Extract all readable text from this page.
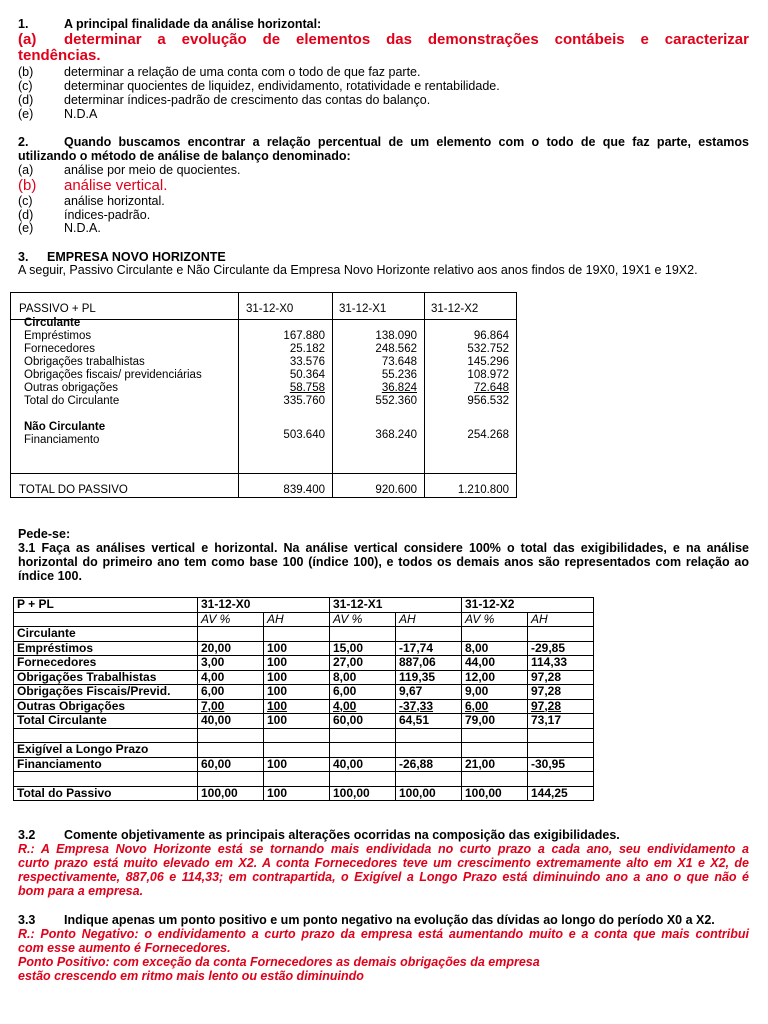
1.	A principal finalidade da análise horizontal:
(a) determinar a evolução de elementos das demonstrações contábeis e caracterizar
tendências.
(b) determinar a relação de uma conta com o todo de que faz parte.
(c)	determinar quocientes de liquidez, endividamento, rotatividade e rentabilidade.
(d) determinar índices-padrão de crescimento das contas do balanço.
(e) N.D.A
2.	Quando buscamos encontrar a relação percentual de um elemento com o todo de que faz parte, estamos
utilizando o método de análise de balanço denominado:
(a) análise por meio de quocientes.
(b) análise vertical.
(c)	análise horizontal.
(d) índices-padrão.
(e) N.D.A.
3. EMPRESA NOVO HORIZONTE
A seguir, Passivo Circulante e Não Circulante da Empresa Novo Horizonte relativo aos anos findos de 19X0, 19X1 e 19X2.
PASSIVO + PL	31-12-X0	31-12-X1	31-12-X2
Circulante
Empréstimos	167.880	138.090	96.864
Fornecedores	25.182	248.562	532.752
Obrigações trabalhistas	33.576	73.648	145.296
Obrigações fiscais/ previdenciárias	50.364	55.236	108.972
Outras obrigações	58.758	36.824	72.648
Total do Circulante	335.760	552.360	956.532
Não Circulante
Financiamento	503.640	368.240	254.268
TOTAL DO PASSIVO	839.400	920.600	1.210.800
Pede-se:
3.1 Faça as análises vertical e horizontal. Na análise vertical considere 100% o total das exigibilidades, e na análise
horizontal do primeiro ano tem como base 100 (índice 100), e todos os demais anos são representados com relação ao
índice 100.
P + PL	31-12-X0		31-12-X1		31-12-X2	
	AV %	AH	AV %	AH	AV %	AH
Circulante						
Empréstimos	20,00	100	15,00	-17,74	8,00	-29,85
Fornecedores	3,00	100	27,00	887,06	44,00	114,33
Obrigações Trabalhistas	4,00	100	8,00	119,35	12,00	97,28
Obrigações Fiscais/Previd.	6,00	100	6,00	9,67	9,00	97,28
Outras Obrigações	7,00	100	4,00	-37,33	6,00	97,28
Total Circulante	40,00	100	60,00	64,51	79,00	73,17

Exigível a Longo Prazo						
Financiamento	60,00	100	40,00	-26,88	21,00	-30,95

Total do Passivo	100,00	100	100,00	100,00	100,00	144,25
3.2 Comente objetivamente as principais alterações ocorridas na composição das exigibilidades.
R.: A Empresa Novo Horizonte está se tornando mais endividada no curto prazo a cada ano, seu endividamento a
curto prazo está muito elevado em X2. A conta Fornecedores teve um crescimento extremamente alto em X1 e X2, de
respectivamente, 887,06 e 114,33; em contrapartida, o Exigível a Longo Prazo está diminuindo ano a ano o que não é
bom para a empresa.
3.3 Indique apenas um ponto positivo e um ponto negativo na evolução das dívidas ao longo do período X0 a X2.
R.: Ponto Negativo: o endividamento a curto prazo da empresa está aumentando muito e a conta que mais contribui
com esse aumento é Fornecedores.
Ponto Positivo: com exceção da conta Fornecedores as demais obrigações da empresa
estão crescendo em ritmo mais lento ou estão diminuindo
